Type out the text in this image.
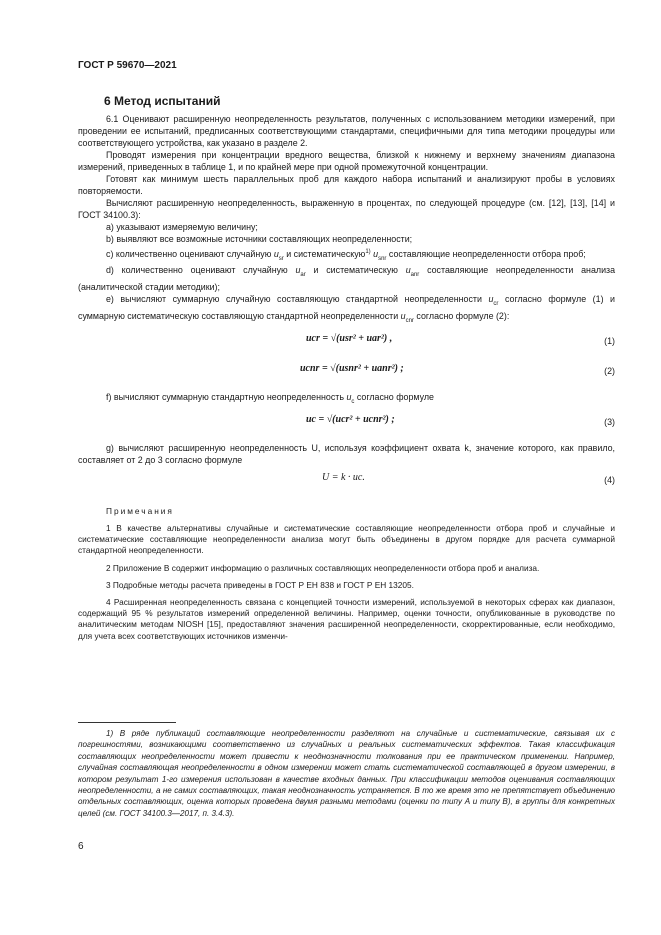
ГОСТ Р 59670—2021
6 Метод испытаний

6.1 Оценивают расширенную неопределенность результатов, полученных с использованием методики измерений, при проведении ее испытаний, предписанных соответствующими стандартами, специфичными для типа методики процедуры или соответствующего устройства, как указано в разделе 2.

Проводят измерения при концентрации вредного вещества, близкой к нижнему и верхнему значениям диапазона измерений, приведенных в таблице 1, и по крайней мере при одной промежуточной концентрации.

Готовят как минимум шесть параллельных проб для каждого набора испытаний и анализируют пробы в условиях повторяемости.

Вычисляют расширенную неопределенность, выраженную в процентах, по следующей процедуре (см. [12], [13], [14] и ГОСТ 34100.3):

a) указывают измеряемую величину;

b) выявляют все возможные источники составляющих неопределенности;

c) количественно оценивают случайную $u_{sr}$ и систематическую$^{1)}$ $u_{snr}$ составляющие неопределенности отбора проб;

d) количественно оценивают случайную $u_{ar}$ и систематическую $u_{anr}$ составляющие неопределенности анализа (аналитической стадии методики);

e) вычисляют суммарную случайную составляющую стандартной неопределенности $u_{cr}$ согласно формуле (1) и суммарную систематическую составляющую стандартной неопределенности $u_{cnr}$ согласно формуле (2):

uсr = √(usr² + uar²) ,	(1)
uсnr = √(usnr² + uanr²) ;	(2)

f) вычисляют суммарную стандартную неопределенность $u_c$ согласно формуле

uс = √(uсr² + uсnr²) ;	(3)

g) вычисляют расширенную неопределенность U, используя коэффициент охвата k, значение которого, как правило, составляет от 2 до 3 согласно формуле

U = k · uс.	(4)

Примечания

1 В качестве альтернативы случайные и систематические составляющие неопределенности отбора проб и случайные и систематические составляющие неопределенности анализа могут быть объединены в другом порядке для расчета суммарной стандартной неопределенности.

2 Приложение В содержит информацию о различных составляющих неопределенности отбора проб и анализа.

3 Подробные методы расчета приведены в ГОСТ Р ЕН 838 и ГОСТ Р ЕН 13205.

4 Расширенная неопределенность связана с концепцией точности измерений, используемой в некоторых сферах как диапазон, содержащий 95 % результатов измерений определенной величины. Например, оценки точности, опубликованные в руководстве по аналитическим методам NIOSH [15], предоставляют значения расширенной неопределенности, скорректированные, если необходимо, для учета всех соответствующих источников изменчи-

1) В ряде публикаций составляющие неопределенности разделяют на случайные и систематические, связывая их с погрешностями, возникающими соответственно из случайных и реальных систематических эффектов. Такая классификация составляющих неопределенности может привести к неоднозначности толкования при ее практическом применении. Например, случайная составляющая неопределенности в одном измерении может стать систематической составляющей в другом измерении, в котором результат 1-го измерения использован в качестве входных данных. При классификации методов оценивания составляющих неопределенности, а не самих составляющих, такая неоднозначность устраняется. В то же время это не препятствует объединению отдельных составляющих, оценка которых проведена двумя разными методами (оценки по типу А и типу В), в группы для конкретных целей (см. ГОСТ 34100.3—2017, п. 3.4.3).

6
